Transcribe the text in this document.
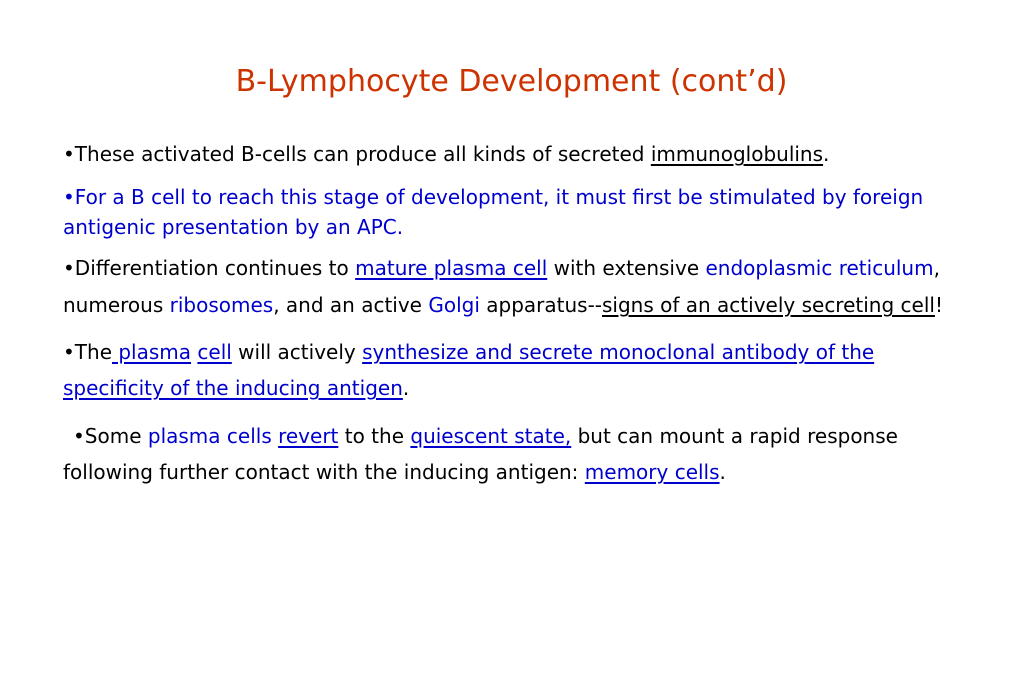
B-Lymphocyte Development (cont’d)

•These activated B-cells can produce all kinds of secreted immunoglobulins.

•For a B cell to reach this stage of development, it must first be stimulated by foreign antigenic presentation by an APC.

•Differentiation continues to mature plasma cell with extensive endoplasmic reticulum, numerous ribosomes, and an active Golgi apparatus--signs of an actively secreting cell!

•The plasma cell will actively synthesize and secrete monoclonal antibody of the specificity of the inducing antigen.

•Some plasma cells revert to the quiescent state, but can mount a rapid response following further contact with the inducing antigen: memory cells.
